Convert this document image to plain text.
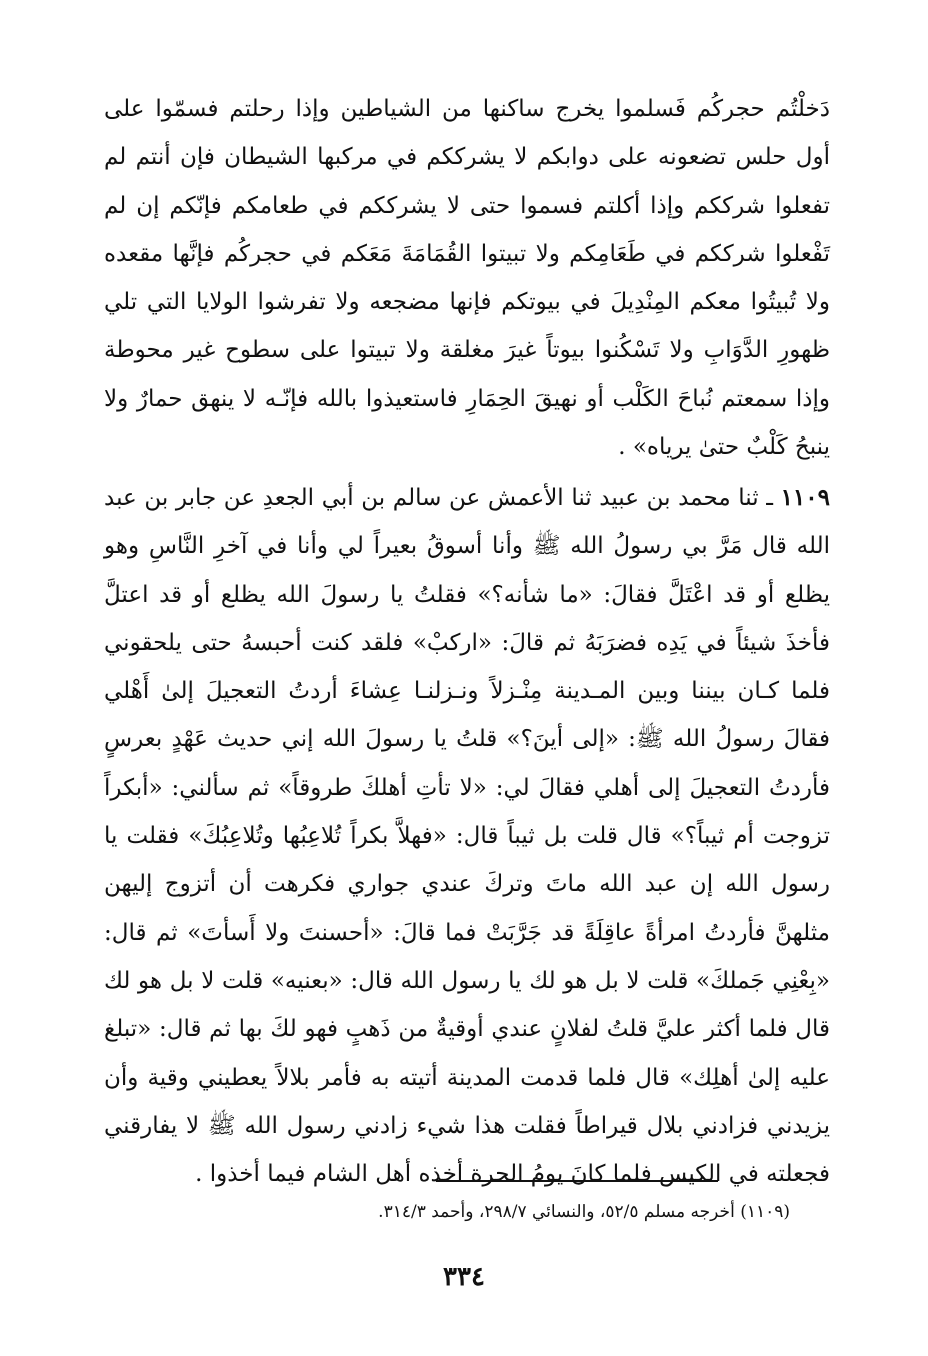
دَخلْتُم حجركُم فَسلموا يخرج ساكنها من الشياطين وإذا رحلتم فسمّوا على أول حلس تضعونه على دوابكم لا يشرككم في مركبها الشيطان فإن أنتم لم تفعلوا شرككم وإذا أكلتم فسموا حتى لا يشرككم في طعامكم فإنّكم إن لم تَفْعلوا شرككم في طَعَامِكم ولا تبيتوا القُمَامَةَ مَعَكم في حجركُم فإنَّها مقعده ولا تُبيتُوا معكم المِنْدِيلَ في بيوتكم فإنها مضجعه ولا تفرشوا الولايا التي تلي ظهورِ الدَّوَابِ ولا تَسْكُنوا بيوتاً غيرَ مغلقة ولا تبيتوا على سطوح غير محوطة وإذا سمعتم نُباحَ الكَلْب أو نهيقَ الحِمَارِ فاستعيذوا بالله فإنّـه لا ينهق حمارٌ ولا ينبحُ كَلْبٌ حتىٰ يرياه» .

١١٠٩ ـ ثنا محمد بن عبيد ثنا الأعمش عن سالم بن أبي الجعدِ عن جابر بن عبد الله قال مَرَّ بي رسولُ الله ﷺ وأنا أسوقُ بعيراً لي وأنا في آخرِ النَّاسِ وهو يظلع أو قد اعْتَلَّ فقالَ: «ما شأنه؟» فقلتُ يا رسولَ الله يظلع أو قد اعتلَّ فأخذَ شيئاً في يَدِه فضرَبَهُ ثم قالَ: «اركبْ» فلقد كنت أحبسهُ حتى يلحقوني فلما كـان بيننا وبين المـدينة مِنْـزلاً ونـزلنـا عِشاءَ أردتُ التعجيلَ إلىٰ أَهْلي فقالَ رسولُ الله ﷺ: «إلى أينَ؟» قلتُ يا رسولَ الله إني حديث عَهْدٍ بعرسٍ فأردتُ التعجيلَ إلى أهلي فقالَ لي: «لا تأتِ أهلكَ طروقاً» ثم سألني: «أبكراً تزوجت أم ثيباً؟» قال قلت بل ثيباً قال: «فهلاَّ بكراً تُلاعِبُها وتُلاعِبُكَ» فقلت يا رسول الله إن عبد الله ماتَ وتركَ عندي جواري فكرهت أن أتزوج إليهن مثلهنَّ فأردتُ امرأةً عاقِلَةً قد جَرَّبَتْ فما قالَ: «أحسنتَ ولا أَسأتَ» ثم قال: «بِعْنِي جَملكَ» قلت لا بل هو لك يا رسول الله قال: «بعنيه» قلت لا بل هو لك قال فلما أكثر عليَّ قلتُ لفلانٍ عندي أوقيةٌ من ذَهبٍ فهو لكَ بها ثم قال: «تبلغ عليه إلىٰ أهلِك» قال فلما قدمت المدينة أتيته به فأمر بلالاً يعطيني وقية وأن يزيدني فزادني بلال قيراطاً فقلت هذا شيء زادني رسول الله ﷺ لا يفارقني فجعلته في الكيس فلما كانَ يومُ الحرة أخذه أهل الشام فيما أخذوا .

(١١٠٩) أخرجه مسلم ٥٢/٥، والنسائي ٢٩٨/٧، وأحمد ٣١٤/٣.
٣٣٤
